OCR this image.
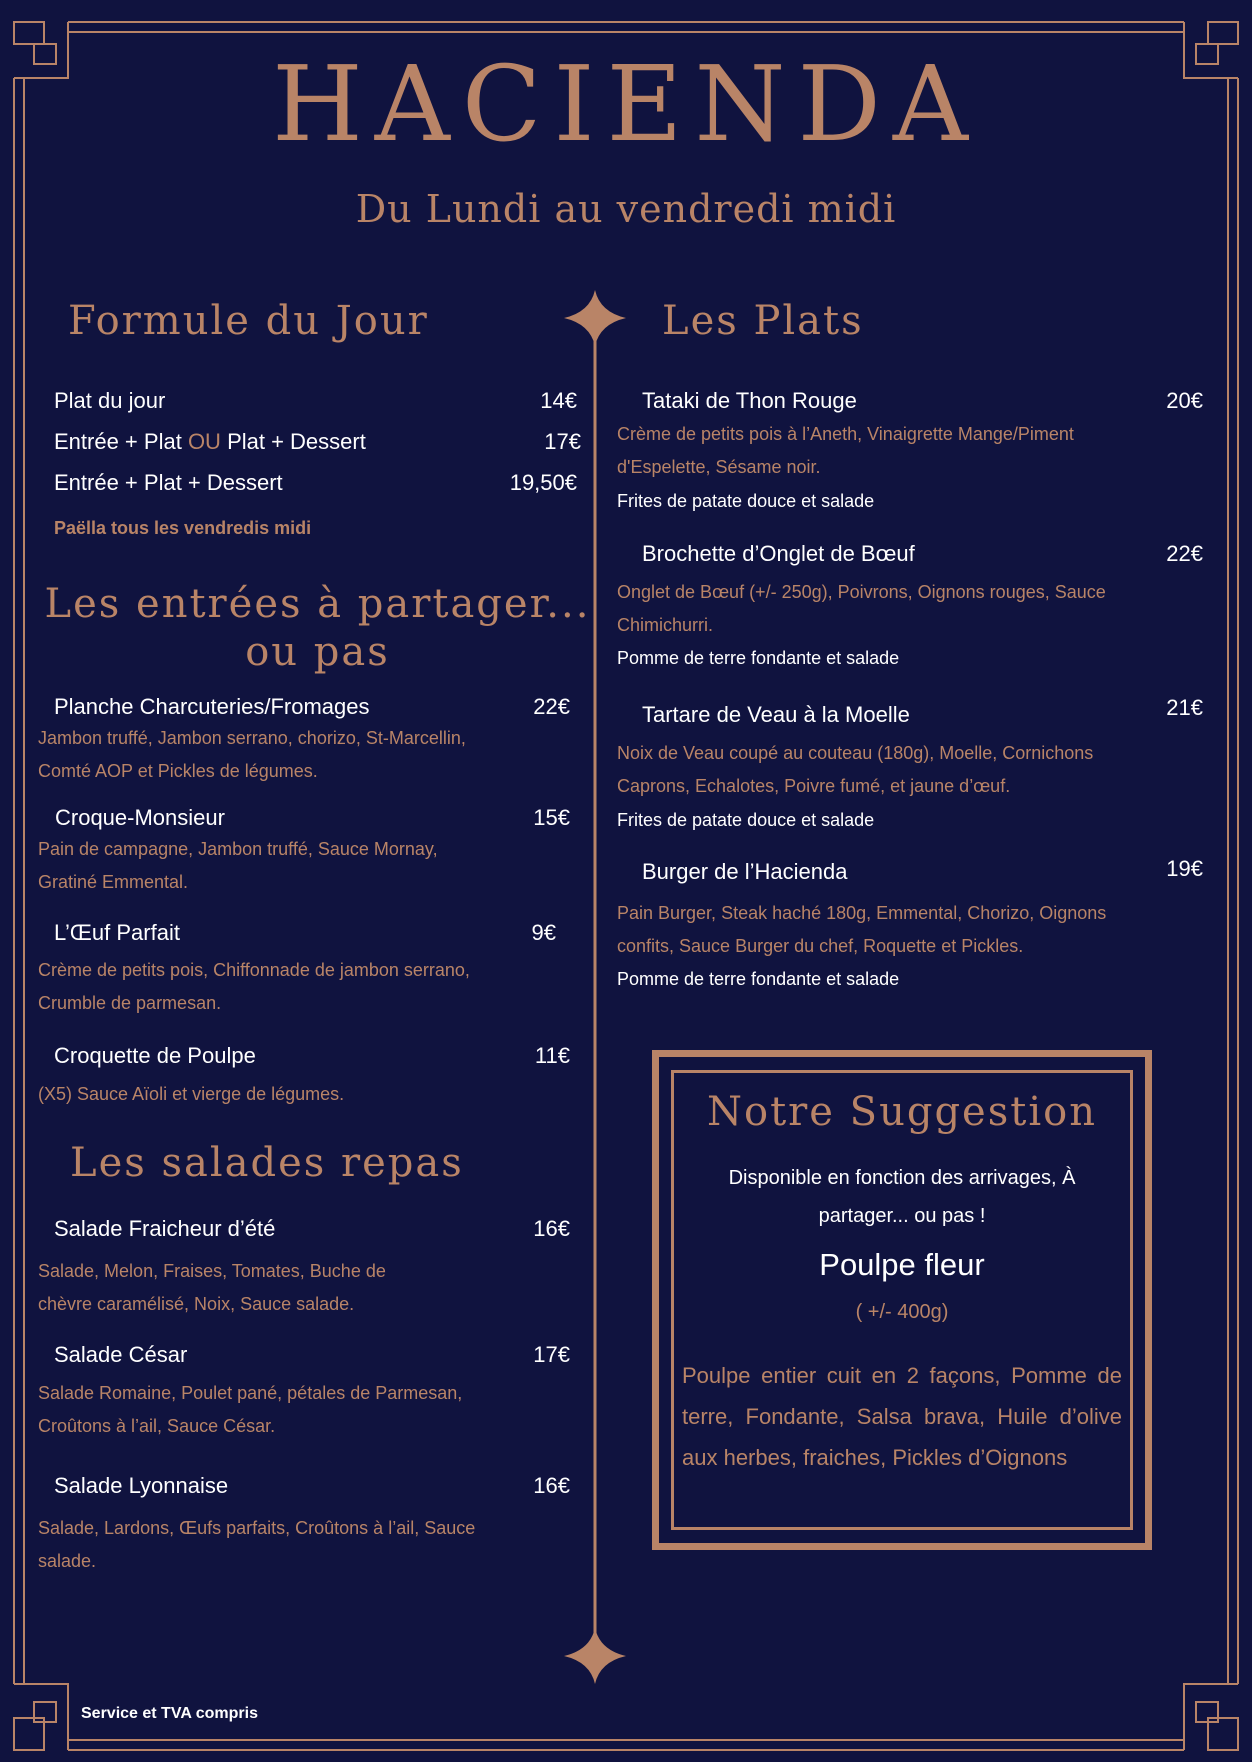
HACIENDA
Du Lundi au vendredi midi
Formule du Jour
Plat du jour	14€
Entrée + Plat OU Plat + Dessert	17€
Entrée + Plat + Dessert	19,50€
Paëlla tous les vendredis midi
Les entrées à partager...
ou pas
Planche Charcuteries/Fromages	22€

Jambon truffé, Jambon serrano, chorizo, St-Marcellin, Comté AOP et Pickles de légumes.

Croque-Monsieur	15€

Pain de campagne, Jambon truffé, Sauce Mornay, Gratiné Emmental.

L’Œuf Parfait	9€

Crème de petits pois, Chiffonnade de jambon serrano, Crumble de parmesan.

Croquette de Poulpe	11€

(X5) Sauce Aïoli et vierge de légumes.

Les salades repas
Salade Fraicheur d’été	16€

Salade, Melon, Fraises, Tomates, Buche de chèvre caramélisé, Noix, Sauce salade.

Salade César	17€

Salade Romaine, Poulet pané, pétales de Parmesan, Croûtons à l’ail, Sauce César.

Salade Lyonnaise	16€

Salade, Lardons, Œufs parfaits, Croûtons à l’ail, Sauce salade.

Les Plats
Tataki de Thon Rouge	20€

Crème de petits pois à l’Aneth, Vinaigrette Mange/Piment d'Espelette, Sésame noir.

Frites de patate douce et salade
Brochette d’Onglet de Bœuf	22€

Onglet de Bœuf (+/- 250g), Poivrons, Oignons rouges, Sauce Chimichurri.

Pomme de terre fondante et salade
Tartare de Veau à la Moelle	21€

Noix de Veau coupé au couteau (180g), Moelle, Cornichons Caprons, Echalotes, Poivre fumé, et jaune d’œuf.

Frites de patate douce et salade
Burger de l’Hacienda	19€

Pain Burger, Steak haché 180g, Emmental, Chorizo, Oignons confits, Sauce Burger du chef, Roquette et Pickles.

Pomme de terre fondante et salade
Notre Suggestion

Disponible en fonction des arrivages, À partager... ou pas !

Poulpe fleur
( +/- 400g)

Poulpe entier cuit en 2 façons, Pomme de terre, Fondante, Salsa brava, Huile d’olive aux herbes, fraiches, Pickles d’Oignons

Service et TVA compris
